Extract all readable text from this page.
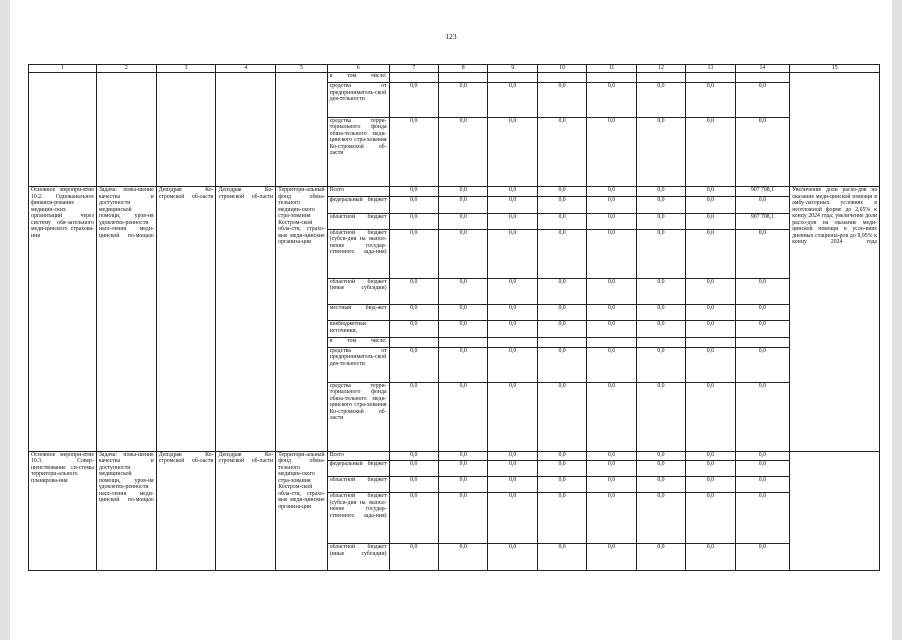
123
1	2	3	4	5	6	7	8	9	10	11	12	13	14	15
					в том числе:									
					средства от предприниматель-ской дея-тельности	0,0	0,0	0,0	0,0	0,0	0,0	0,0	0,0	
					средства терри-ториального фонда обяза-тельного меди-цинского стра-хования Ко-стромской об-ласти	0,0	0,0	0,0	0,0	0,0	0,0	0,0	0,0	
Основное меропри-ятие 10.2. Одноканальное финанси-рование медицин-ских организаций через систему обя-зательного меди-цинского страхова-ния	Задача: повы-шение качества и доступности медицинской помощи, уров-ня удовлетво-ренности насе-ления меди-цинской по-мощью	Депздрав Ко-стромской об-ласти	Депздрав Ко-стромской об-ласти	Территори-альный фонд обяза-тельного медицин-ского стра-хования Костром-ской обла-сти, страхо-вые меди-цинские организа-ции	Всего	0,0	0,0	0,0	0,0	0,0	0,0	0,0	907 708,1	Увеличение доли расхо-дов на оказание меди-цинской помощи в амбу-латорных условиях в неотложной форме до 2,65% к концу 2024 года; увеличение доли расхо-дов на оказание меди-цинской помощи в усло-виях дневных стациона-ров до 8,95% к концу 2024 года
					федеральный бюджет	0,0	0,0	0,0	0,0	0,0	0,0	0,0	0,0	
					областной бюджет	0,0	0,0	0,0	0,0	0,0	0,0	0,0	907 708,1	
					областной бюджет (субси-дия на выпол-нение государ-ственного зада-ния)	0,0	0,0	0,0	0,0	0,0	0,0	0,0	0,0	
					областной бюджет (иные субсидии)	0,0	0,0	0,0	0,0	0,0	0,0	0,0	0,0	
					местный бюд-жет	0,0	0,0	0,0	0,0	0,0	0,0	0,0	0,0	
					внебюджетные источники,	0,0	0,0	0,0	0,0	0,0	0,0	0,0	0,0	
					в том числе:									
					средства от предприниматель-ской дея-тельности	0,0	0,0	0,0	0,0	0,0	0,0	0,0	0,0	
					средства терри-ториального фонда обяза-тельного меди-цинского стра-хования Ко-стромской об-ласти	0,0	0,0	0,0	0,0	0,0	0,0	0,0	0,0	
Основное меропри-ятие 10.3. Совер-шенствование си-стемы территори-ального планирова-ния	Задача: повы-шение качества и доступности медицинской помощи, уров-ня удовлетво-ренности насе-ления меди-цинской по-мощью	Депздрав Ко-стромской об-ласти	Депздрав Ко-стромской об-ласти	Территори-альный фонд обяза-тельного медицин-ского стра-хования Костром-ской обла-сти, страхо-вые меди-цинские организа-ции	Всего	0,0	0,0	0,0	0,0	0,0	0,0	0,0	0,0	
					федеральный бюджет	0,0	0,0	0,0	0,0	0,0	0,0	0,0	0,0	
					областной бюджет	0,0	0,0	0,0	0,0	0,0	0,0	0,0	0,0	
					областной бюджет (субси-дия на выпол-нение государ-ственного зада-ния)	0,0	0,0	0,0	0,0	0,0	0,0	0,0	0,0	
					областной бюджет (иные субсидии)	0,0	0,0	0,0	0,0	0,0	0,0	0,0	0,0	
